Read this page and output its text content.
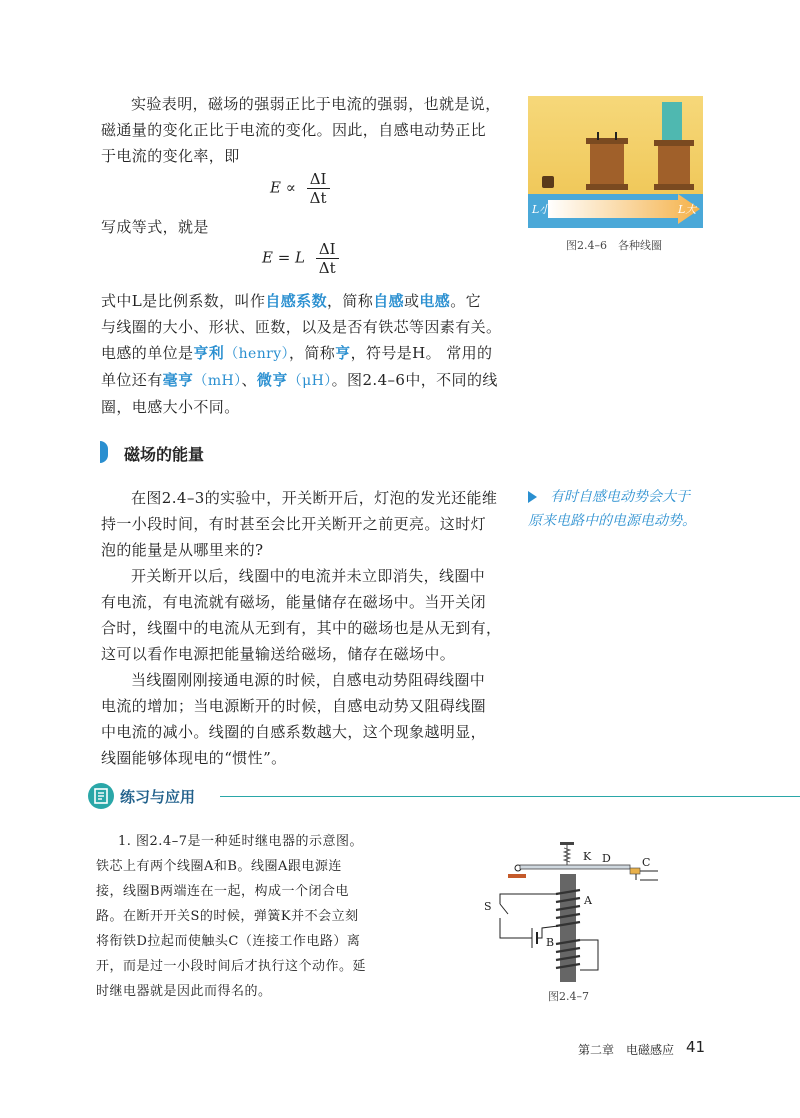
实验表明，磁场的强弱正比于电流的强弱，也就是说，

磁通量的变化正比于电流的变化。因此，自感电动势正比

于电流的变化率，即

$E \propto \frac{\Delta I}{\Delta t}$

写成等式，就是

E = L $\frac{\Delta I}{\Delta t}$

式中L是比例系数，叫作自感系数，简称自感或电感。它

与线圈的大小、形状、匝数，以及是否有铁芯等因素有关。

电感的单位是亨利（henry），简称亨，符号是H。 常用的

单位还有毫亨（mH）、微亨（μH）。图2.4–6中，不同的线

圈，电感大小不同。

L小	L大
图2.4–6　各种线圈
磁场的能量

在图2.4–3的实验中，开关断开后，灯泡的发光还能维

持一小段时间，有时甚至会比开关断开之前更亮。这时灯

泡的能量是从哪里来的?

开关断开以后，线圈中的电流并未立即消失，线圈中

有电流，有电流就有磁场，能量储存在磁场中。当开关闭

合时，线圈中的电流从无到有，其中的磁场也是从无到有，

这可以看作电源把能量输送给磁场，储存在磁场中。

当线圈刚刚接通电源的时候，自感电动势阻碍线圈中

电流的增加；当电源断开的时候，自感电动势又阻碍线圈

中电流的减小。线圈的自感系数越大，这个现象越明显，

线圈能够体现电的“惯性”。

有时自感电动势会大于
原来电路中的电源电动势。
练习与应用
1. 图2.4–7是一种延时继电器的示意图。
铁芯上有两个线圈A和B。线圈A跟电源连
接，线圈B两端连在一起，构成一个闭合电
路。在断开开关S的时候，弹簧K并不会立刻
将衔铁D拉起而使触头C（连接工作电路）离
开，而是过一小段时间后才执行这个动作。延
时继电器就是因此而得名的。
K D	C
S	A
B
图2.4–7
第二章　电磁感应 41
